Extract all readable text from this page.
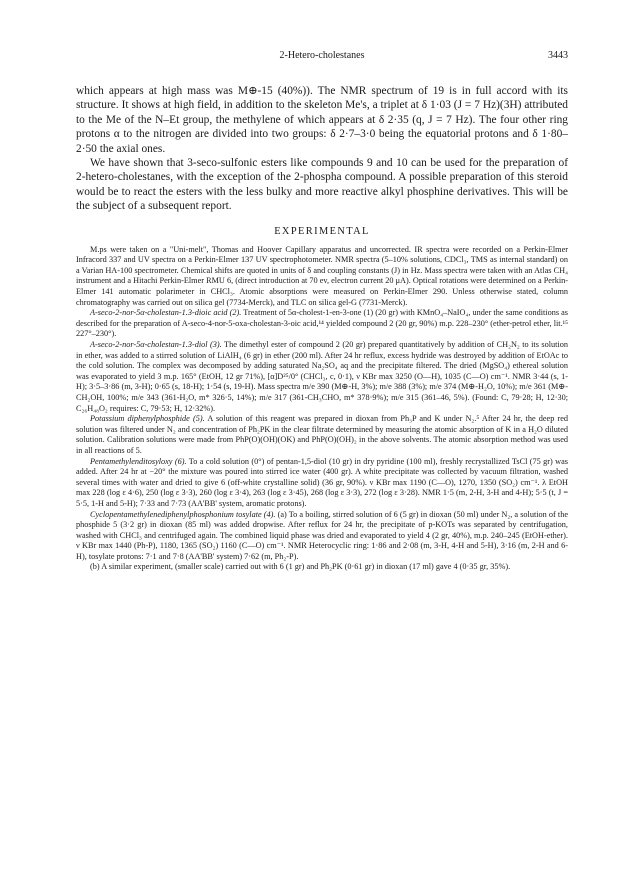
2-Hetero-cholestanes	3443

which appears at high mass was M⊕-15 (40%)). The NMR spectrum of 19 is in full accord with its structure. It shows at high field, in addition to the skeleton Me's, a triplet at δ 1·03 (J = 7 Hz)(3H) attributed to the Me of the N–Et group, the methylene of which appears at δ 2·35 (q, J = 7 Hz). The four other ring protons α to the nitrogen are divided into two groups: δ 2·7–3·0 being the equatorial protons and δ 1·80–2·50 the axial ones.

We have shown that 3-seco-sulfonic esters like compounds 9 and 10 can be used for the preparation of 2-hetero-cholestanes, with the exception of the 2-phospha compound. A possible preparation of this steroid would be to react the esters with the less bulky and more reactive alkyl phosphine derivatives. This will be the subject of a subsequent report.

EXPERIMENTAL

M.ps were taken on a "Uni-melt", Thomas and Hoover Capillary apparatus and uncorrected. IR spectra were recorded on a Perkin-Elmer Infracord 337 and UV spectra on a Perkin-Elmer 137 UV spectrophotometer. NMR spectra (5–10% solutions, CDCl₃, TMS as internal standard) on a Varian HA-100 spectrometer. Chemical shifts are quoted in units of δ and coupling constants (J) in Hz. Mass spectra were taken with an Atlas CH₄ instrument and a Hitachi Perkin-Elmer RMU 6, (direct introduction at 70 ev, electron current 20 μA). Optical rotations were determined on a Perkin-Elmer 141 automatic polarimeter in CHCl₃. Atomic absorptions were measured on Perkin-Elmer 290. Unless otherwise stated, column chromatography was carried out on silica gel (7734-Merck), and TLC on silica gel-G (7731-Merck).

A-seco-2-nor-5α-cholestan-1.3-dioic acid (2). Treatment of 5α-cholest-1-en-3-one (1) (20 gr) with KMnO₄–NaIO₄, under the same conditions as described for the preparation of A-seco-4-nor-5-oxa-cholestan-3-oic acid,¹⁴ yielded compound 2 (20 gr, 90%) m.p. 228–230° (ether-petrol ether, lit.¹⁵ 227°–230°).

A-seco-2-nor-5α-cholestan-1.3-diol (3). The dimethyl ester of compound 2 (20 gr) prepared quantitatively by addition of CH₂N₂ to its solution in ether, was added to a stirred solution of LiAlH₄ (6 gr) in ether (200 ml). After 24 hr reflux, excess hydride was destroyed by addition of EtOAc to the cold solution. The complex was decomposed by adding saturated Na₂SO₄ aq and the precipitate filtered. The dried (MgSO₄) ethereal solution was evaporated to yield 3 m.p. 165° (EtOH, 12 gr 71%), [α]D²⁵/0° (CHCl₃, c, 0·1), ν KBr max 3250 (O—H), 1035 (C—O) cm⁻¹. NMR 3·44 (s, 1-H); 3·5–3·86 (m, 3-H); 0·65 (s, 18-H); 1·54 (s, 19-H). Mass spectra m/e 390 (M⊕-H, 3%); m/e 388 (3%); m/e 374 (M⊕-H₂O, 10%); m/e 361 (M⊕-CH₂OH, 100%; m/e 343 (361-H₂O, m* 326·5, 14%); m/e 317 (361-CH₃CHO, m* 378·9%); m/e 315 (361–46, 5%). (Found: C, 79·28; H, 12·30; C₂₆H₄₈O₂ requires: C, 79·53; H, 12·32%).

Potassium diphenylphosphide (5). A solution of this reagent was prepared in dioxan from Ph₃P and K under N₂.⁵ After 24 hr, the deep red solution was filtered under N₂ and concentration of Ph₂PK in the clear filtrate determined by measuring the atomic absorption of K in a H₂O diluted solution. Calibration solutions were made from PhP(O)(OH)(OK) and PhP(O)(OH)₂ in the above solvents. The atomic absorption method was used in all reactions of 5.

Pentamethylenditosyloxy (6). To a cold solution (0°) of pentan-1,5-diol (10 gr) in dry pyridine (100 ml), freshly recrystallized TsCl (75 gr) was added. After 24 hr at −20° the mixture was poured into stirred ice water (400 gr). A white precipitate was collected by vacuum filtration, washed several times with water and dried to give 6 (off-white crystalline solid) (36 gr, 90%). ν KBr max 1190 (C—O), 1270, 1350 (SO₂) cm⁻¹. λ EtOH max 228 (log ε 4·6), 250 (log ε 3·3), 260 (log ε 3·4), 263 (log ε 3·45), 268 (log ε 3·3), 272 (log ε 3·28). NMR 1·5 (m, 2-H, 3-H and 4-H); 5·5 (t, J = 5·5, 1-H and 5-H); 7·33 and 7·73 (AA'BB' system, aromatic protons).

Cyclopentamethylenediphenylphosphonium tosylate (4). (a) To a boiling, stirred solution of 6 (5 gr) in dioxan (50 ml) under N₂, a solution of the phosphide 5 (3·2 gr) in dioxan (85 ml) was added dropwise. After reflux for 24 hr, the precipitate of p-KOTs was separated by centrifugation, washed with CHCl₃ and centrifuged again. The combined liquid phase was dried and evaporated to yield 4 (2 gr, 40%), m.p. 240–245 (EtOH-ether). ν KBr max 1440 (Ph-P), 1180, 1365 (SO₂) 1160 (C—O) cm⁻¹. NMR Heterocyclic ring: 1·86 and 2·08 (m, 3-H, 4-H and 5-H), 3·16 (m, 2-H and 6-H), tosylate protons: 7·1 and 7·8 (AA'BB' system) 7·62 (m, Ph₂-P).

(b) A similar experiment, (smaller scale) carried out with 6 (1 gr) and Ph₂PK (0·61 gr) in dioxan (17 ml) gave 4 (0·35 gr, 35%).
